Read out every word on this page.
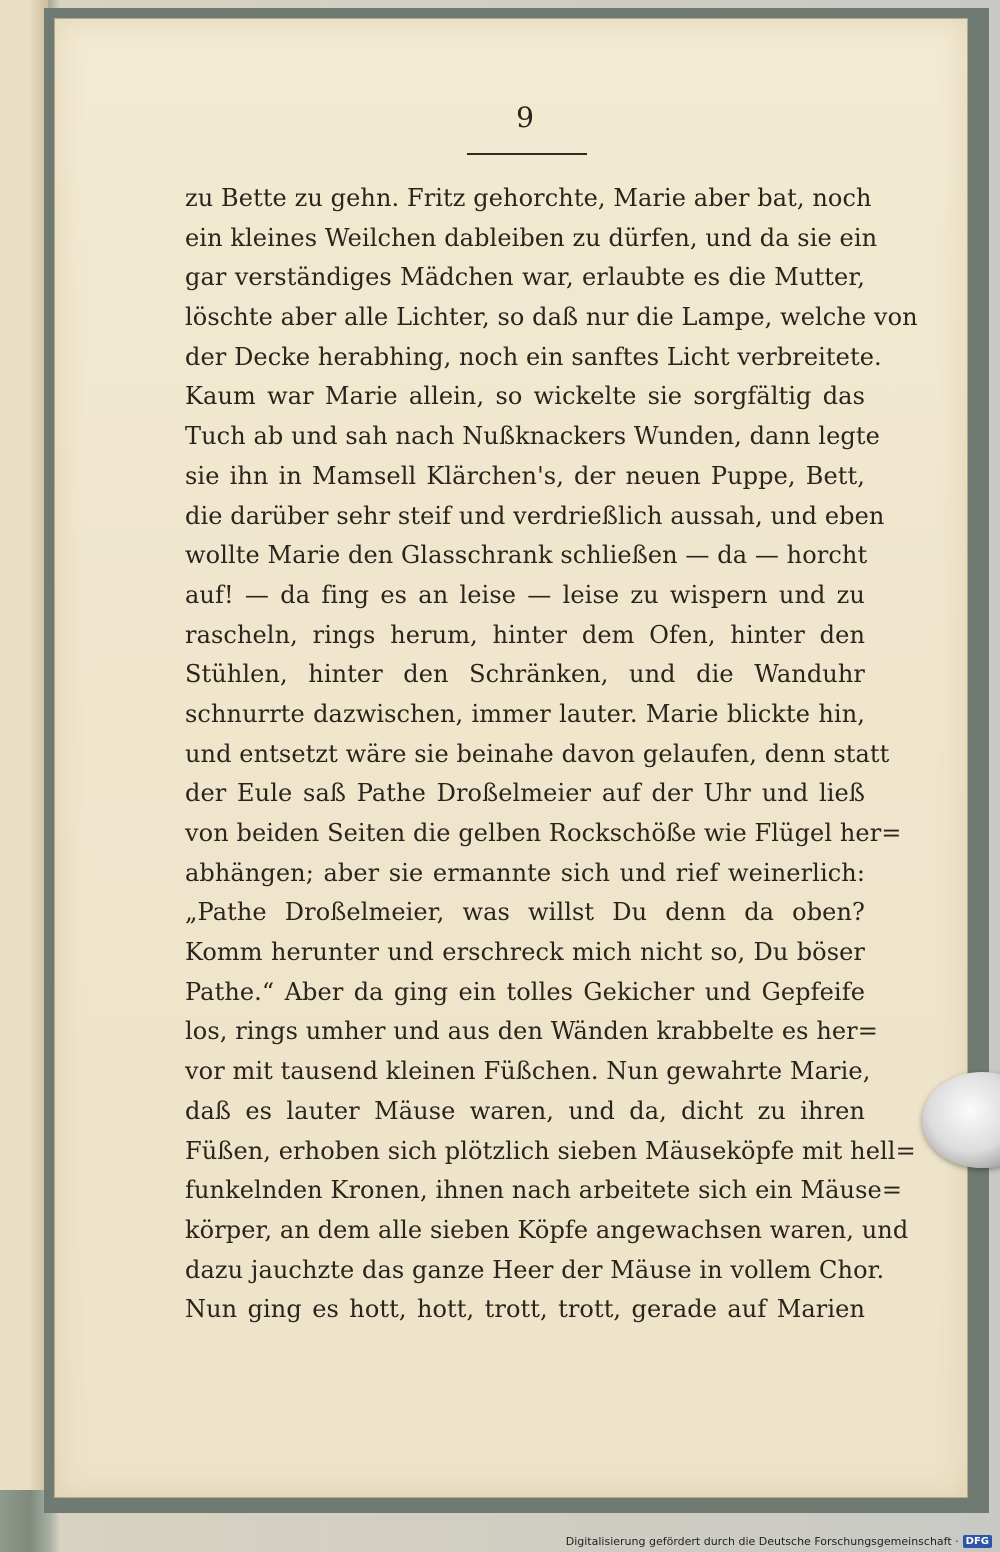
9
zu Bette zu gehn. Fritz gehorchte, Marie aber bat, noch
ein kleines Weilchen dableiben zu dürfen, und da sie ein
gar verständiges Mädchen war, erlaubte es die Mutter,
löschte aber alle Lichter, so daß nur die Lampe, welche von
der Decke herabhing, noch ein sanftes Licht verbreitete.
Kaum war Marie allein, so wickelte sie sorgfältig das
Tuch ab und sah nach Nußknackers Wunden, dann legte
sie ihn in Mamsell Klärchen's, der neuen Puppe, Bett,
die darüber sehr steif und verdrießlich aussah, und eben
wollte Marie den Glasschrank schließen — da — horcht
auf! — da fing es an leise — leise zu wispern und zu
rascheln, rings herum, hinter dem Ofen, hinter den
Stühlen, hinter den Schränken, und die Wanduhr
schnurrte dazwischen, immer lauter. Marie blickte hin,
und entsetzt wäre sie beinahe davon gelaufen, denn statt
der Eule saß Pathe Droßelmeier auf der Uhr und ließ
von beiden Seiten die gelben Rockschöße wie Flügel her=
abhängen; aber sie ermannte sich und rief weinerlich:
„Pathe Droßelmeier, was willst Du denn da oben?
Komm herunter und erschreck mich nicht so, Du böser
Pathe.“ Aber da ging ein tolles Gekicher und Gepfeife
los, rings umher und aus den Wänden krabbelte es her=
vor mit tausend kleinen Füßchen. Nun gewahrte Marie,
daß es lauter Mäuse waren, und da, dicht zu ihren
Füßen, erhoben sich plötzlich sieben Mäuseköpfe mit hell=
funkelnden Kronen, ihnen nach arbeitete sich ein Mäuse=
körper, an dem alle sieben Köpfe angewachsen waren, und
dazu jauchzte das ganze Heer der Mäuse in vollem Chor.
Nun ging es hott, hott, trott, trott, gerade auf Marien
Digitalisierung gefördert durch die Deutsche Forschungsgemeinschaft · DFG
